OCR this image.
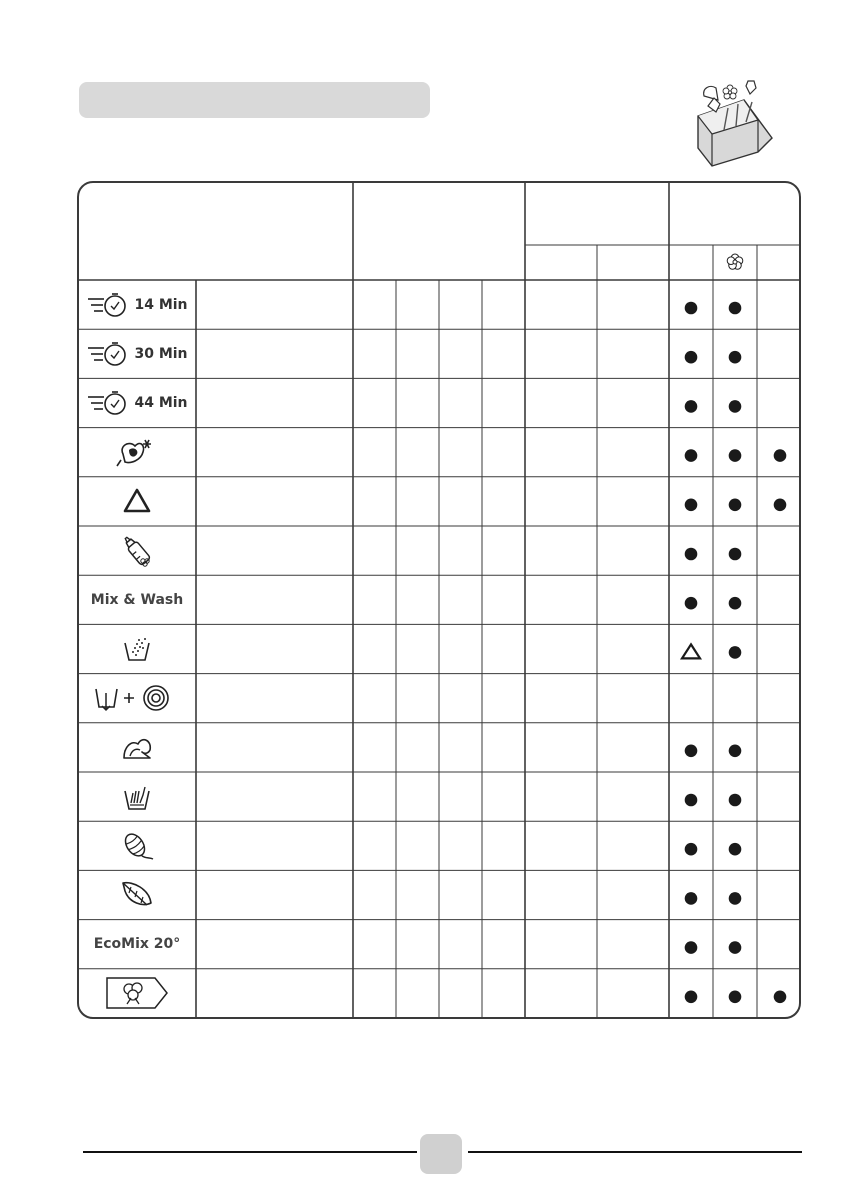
14 Min
30 Min
44 Min
Mix & Wash
EcoMix 20°
